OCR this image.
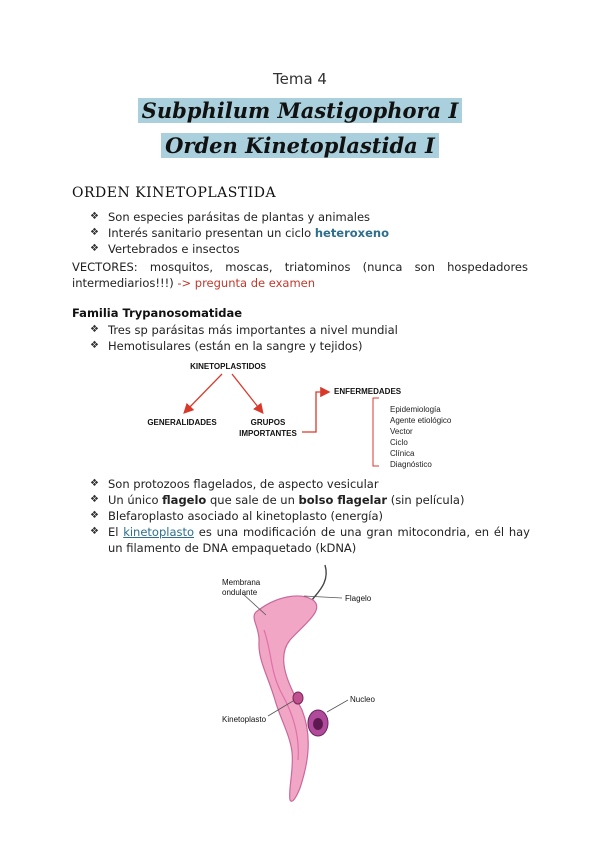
Tema 4
Subphilum Mastigophora I
Orden Kinetoplastida I
ORDEN KINETOPLASTIDA
❖ Son especies parásitas de plantas y animales
❖ Interés sanitario presentan un ciclo heteroxeno
❖ Vertebrados e insectos
VECTORES: mosquitos, moscas, triatominos (nunca son hospedadores intermediarios!!!) -> pregunta de examen
Familia Trypanosomatidae
❖ Tres sp parásitas más importantes a nivel mundial
❖ Hemotisulares (están en la sangre y tejidos)
KINETOPLASTIDOS
GENERALIDADES	GRUPOS
IMPORTANTES
ENFERMEDADES
Epidemiología
Agente etiológico
Vector
Ciclo
Clínica
Diagnóstico
❖ Son protozoos flagelados, de aspecto vesicular
❖ Un único flagelo que sale de un bolso flagelar (sin película)
❖ Blefaroplasto asociado al kinetoplasto (energía)
❖ El kinetoplasto es una modificación de una gran mitocondria, en él hay un filamento de DNA empaquetado (kDNA)
Membrana
ondulante
Flagelo
Nucleo
Kinetoplasto
